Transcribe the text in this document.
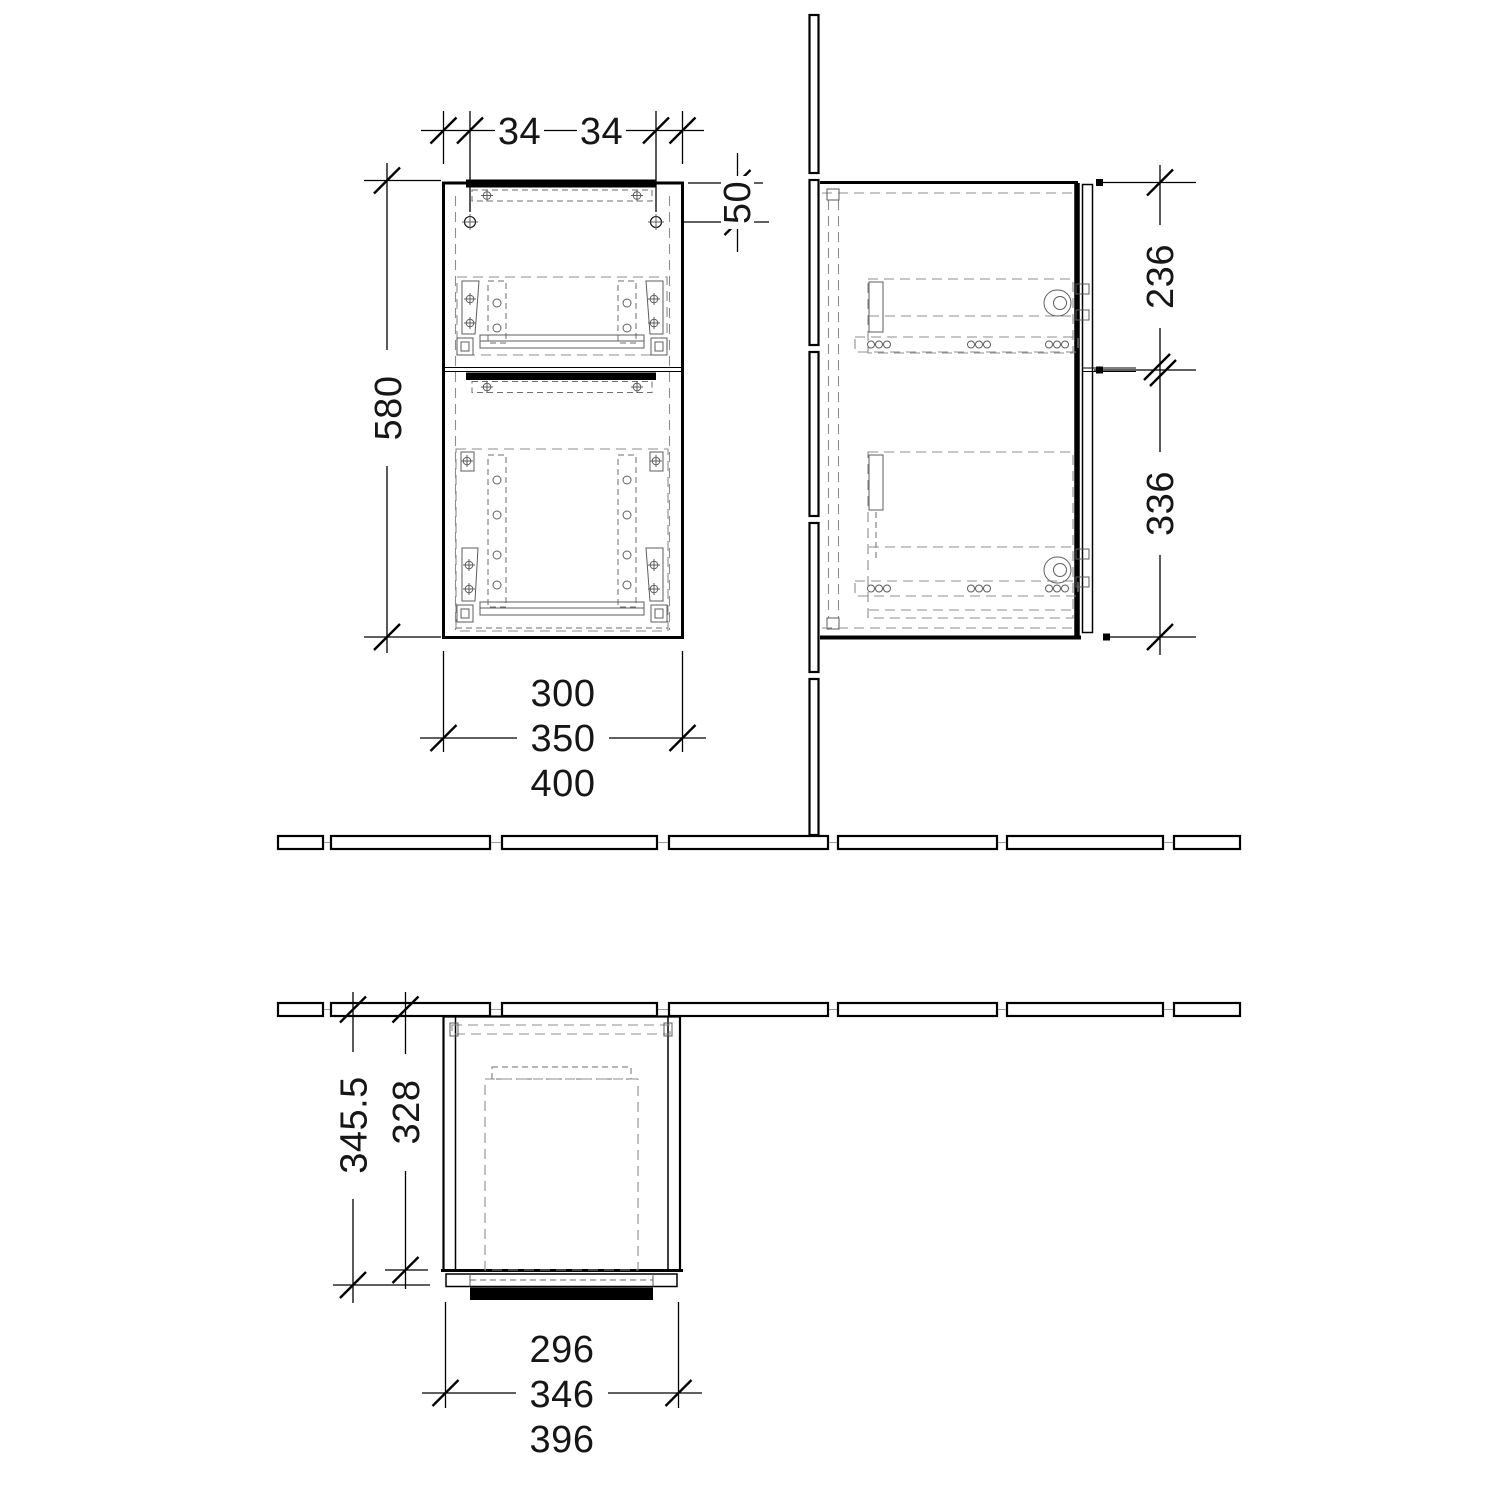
34 34
50
580
300
350
400
236
336
345.5 328
296
346
396
